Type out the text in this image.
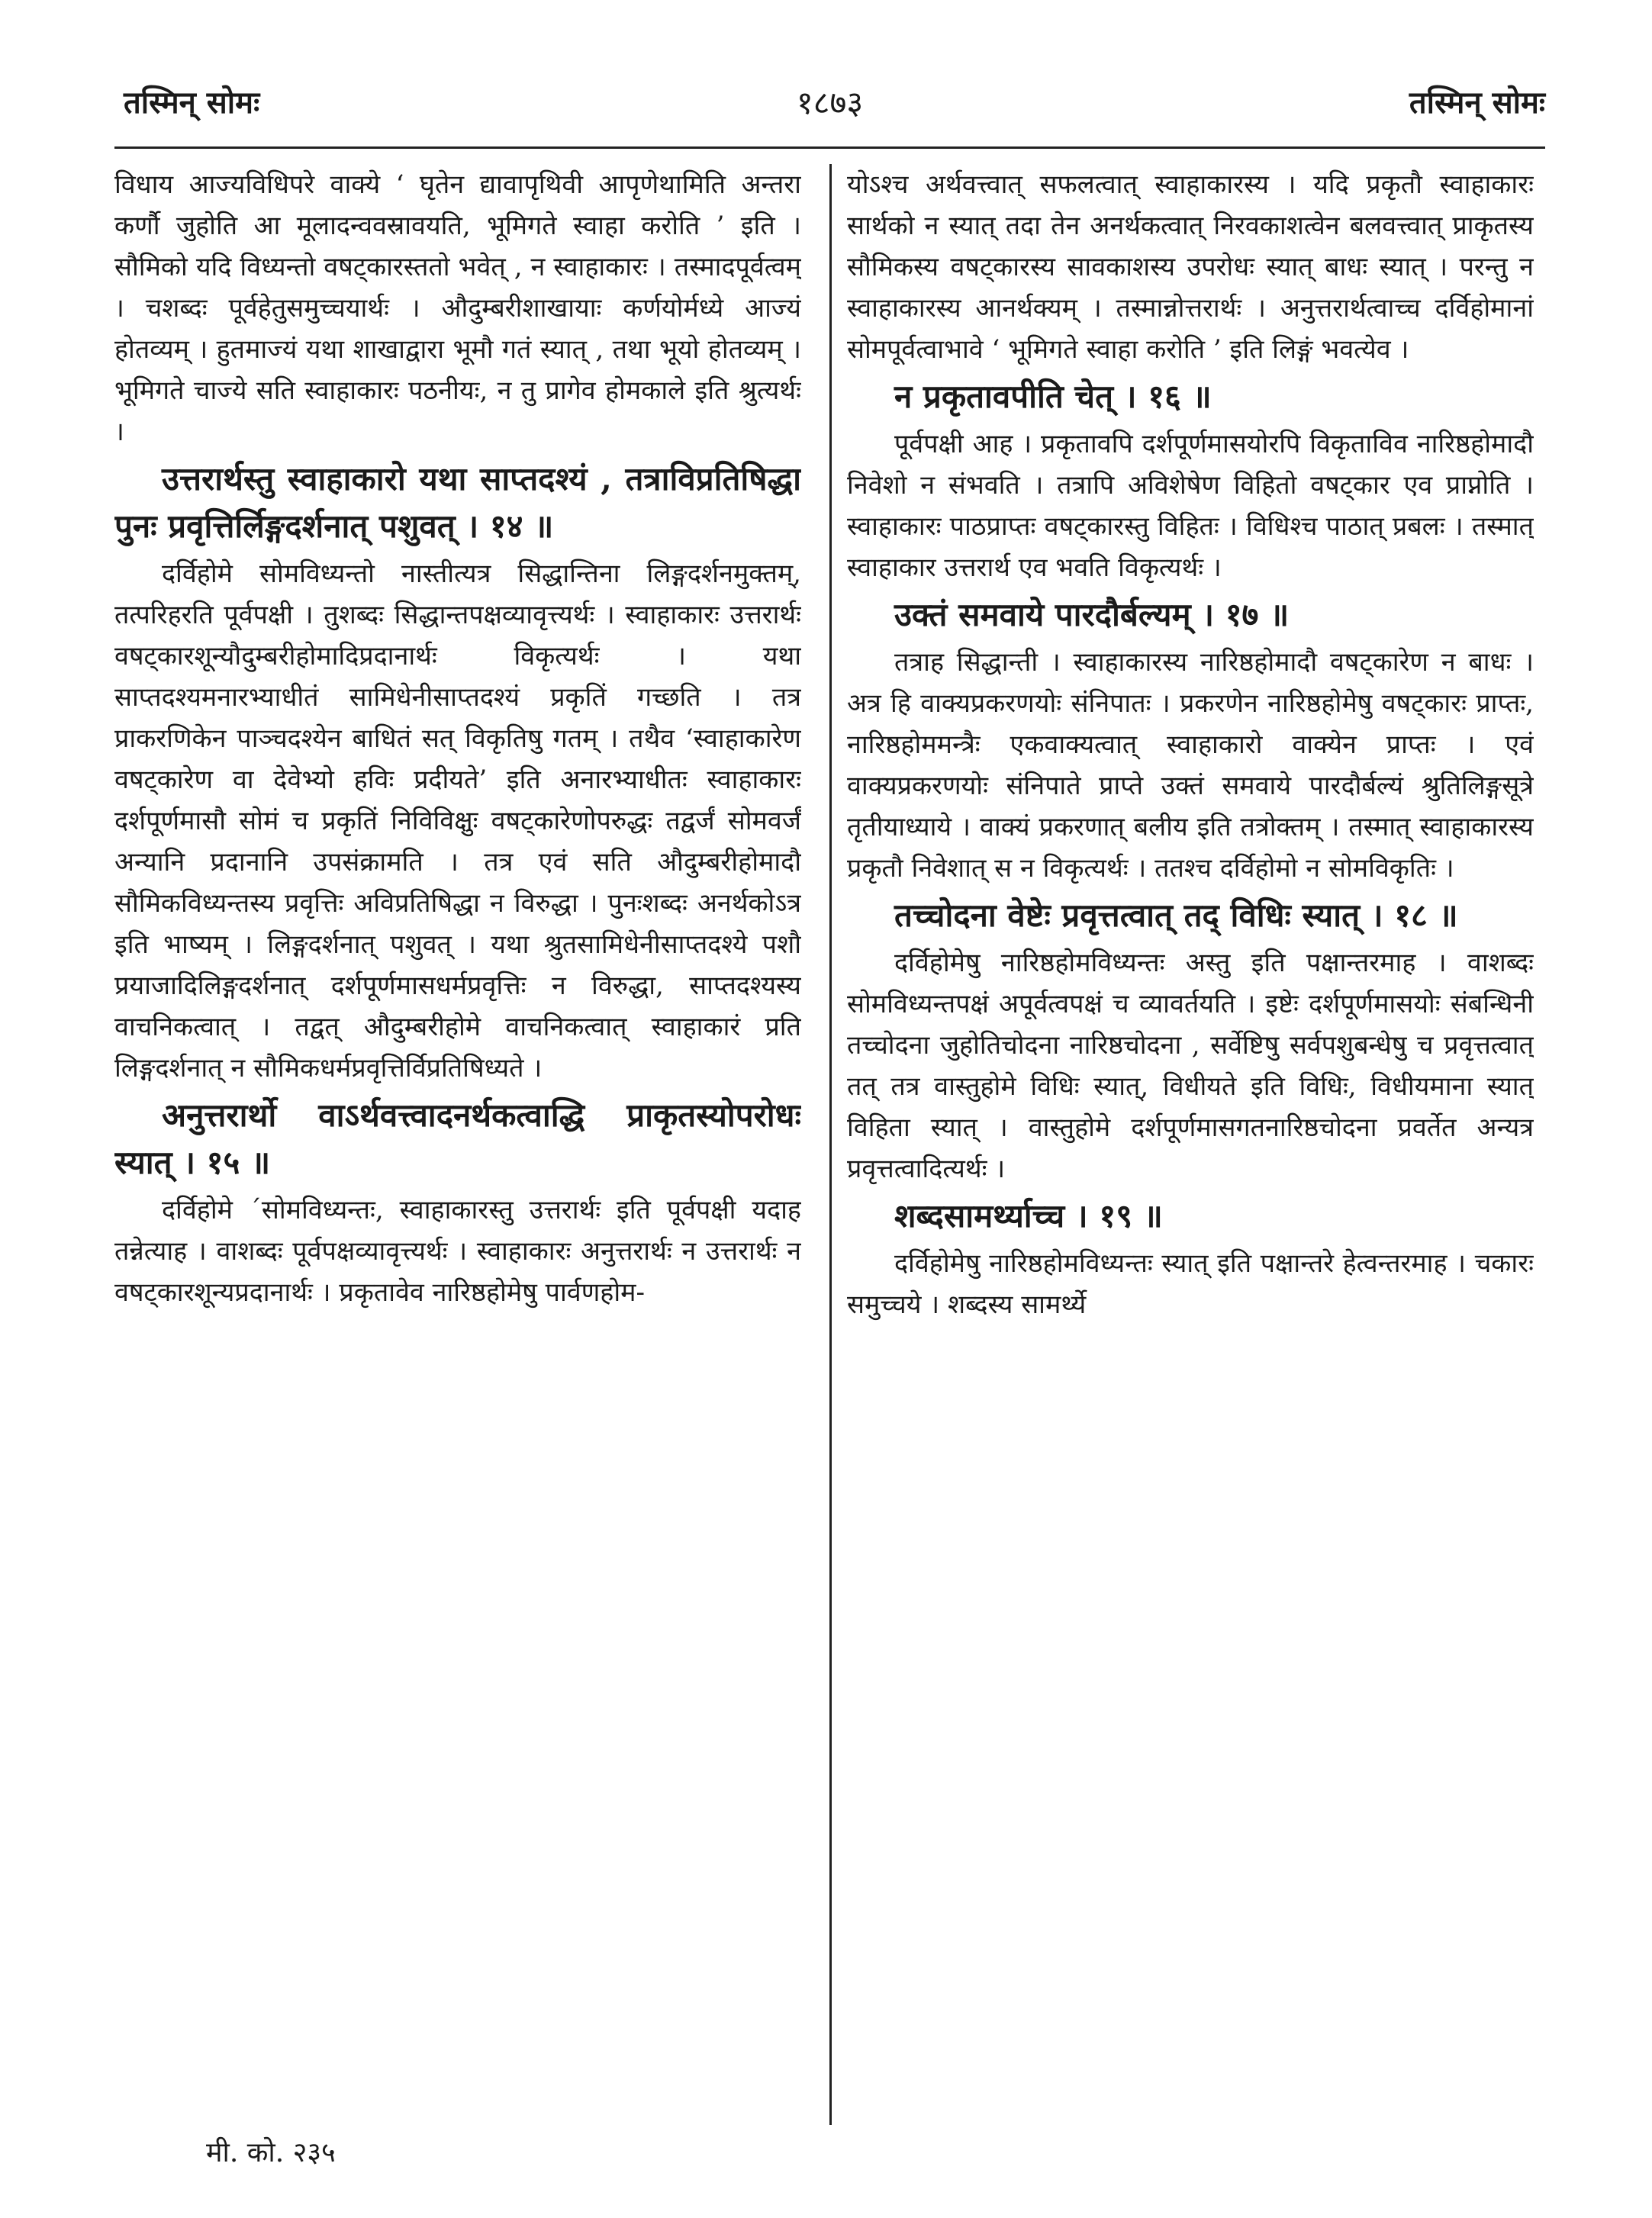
तस्मिन् सोमः	१८७३	तस्मिन् सोमः

विधाय आज्यविधिपरे वाक्ये ‘ घृतेन द्यावापृथिवी आपृणेथामिति अन्तरा कर्णौ जुहोति आ मूलादन्ववस्रावयति, भूमिगते स्वाहा करोति ’ इति । सौमिको यदि विध्यन्तो वषट्कारस्ततो भवेत् , न स्वाहाकारः । तस्मादपूर्वत्वम् । चशब्दः पूर्वहेतुसमुच्चयार्थः । औदुम्बरीशाखायाः कर्णयोर्मध्ये आज्यं होतव्यम् । हुतमाज्यं यथा शाखाद्वारा भूमौ गतं स्यात् , तथा भूयो होतव्यम् । भूमिगते चाज्ये सति स्वाहाकारः पठनीयः, न तु प्रागेव होमकाले इति श्रुत्यर्थः ।

उत्तरार्थस्तु स्वाहाकारो यथा साप्तदश्यं , तत्राविप्रतिषिद्धा पुनः प्रवृत्तिर्लिङ्गदर्शनात् पशुवत् । १४ ॥

दर्विहोमे सोमविध्यन्तो नास्तीत्यत्र सिद्धान्तिना लिङ्गदर्शनमुक्तम्, तत्परिहरति पूर्वपक्षी । तुशब्दः सिद्धान्तपक्षव्यावृत्त्यर्थः । स्वाहाकारः उत्तरार्थः वषट्कारशून्यौदुम्बरीहोमादिप्रदानार्थः विकृत्यर्थः । यथा साप्तदश्यमनारभ्याधीतं सामिधेनीसाप्तदश्यं प्रकृतिं गच्छति । तत्र प्राकरणिकेन पाञ्चदश्येन बाधितं सत् विकृतिषु गतम् । तथैव ‘स्वाहाकारेण वषट्कारेण वा देवेभ्यो हविः प्रदीयते’ इति अनारभ्याधीतः स्वाहाकारः दर्शपूर्णमासौ सोमं च प्रकृतिं निविविक्षुः वषट्कारेणोपरुद्धः तद्वर्जं सोमवर्जं अन्यानि प्रदानानि उपसंक्रामति । तत्र एवं सति औदुम्बरीहोमादौ सौमिकविध्यन्तस्य प्रवृत्तिः अविप्रतिषिद्धा न विरुद्धा । पुनःशब्दः अनर्थकोऽत्र इति भाष्यम् । लिङ्गदर्शनात् पशुवत् । यथा श्रुतसामिधेनीसाप्तदश्ये पशौ प्रयाजादिलिङ्गदर्शनात् दर्शपूर्णमासधर्मप्रवृत्तिः न विरुद्धा, साप्तदश्यस्य वाचनिकत्वात् । तद्वत् औदुम्बरीहोमे वाचनिकत्वात् स्वाहाकारं प्रति लिङ्गदर्शनात् न सौमिकधर्मप्रवृत्तिर्विप्रतिषिध्यते ।

अनुत्तरार्थो वाऽर्थवत्त्वादनर्थकत्वाद्धि प्राकृतस्योपरोधः स्यात् । १५ ॥

दर्विहोमे ´सोमविध्यन्तः, स्वाहाकारस्तु उत्तरार्थः इति पूर्वपक्षी यदाह तन्नेत्याह । वाशब्दः पूर्वपक्षव्यावृत्त्यर्थः । स्वाहाकारः अनुत्तरार्थः न उत्तरार्थः न वषट्कारशून्यप्रदानार्थः । प्रकृतावेव नारिष्ठहोमेषु पार्वणहोम-

योऽश्च अर्थवत्त्वात् सफलत्वात् स्वाहाकारस्य । यदि प्रकृतौ स्वाहाकारः सार्थको न स्यात् तदा तेन अनर्थकत्वात् निरवकाशत्वेन बलवत्त्वात् प्राकृतस्य सौमिकस्य वषट्कारस्य सावकाशस्य उपरोधः स्यात् बाधः स्यात् । परन्तु न स्वाहाकारस्य आनर्थक्यम् । तस्मान्नोत्तरार्थः । अनुत्तरार्थत्वाच्च दर्विहोमानां सोमपूर्वत्वाभावे ‘ भूमिगते स्वाहा करोति ’ इति लिङ्गं भवत्येव ।

न प्रकृतावपीति चेत् । १६ ॥

पूर्वपक्षी आह । प्रकृतावपि दर्शपूर्णमासयोरपि विकृताविव नारिष्ठहोमादौ निवेशो न संभवति । तत्रापि अविशेषेण विहितो वषट्कार एव प्राप्नोति । स्वाहाकारः पाठप्राप्तः वषट्कारस्तु विहितः । विधिश्च पाठात् प्रबलः । तस्मात् स्वाहाकार उत्तरार्थ एव भवति विकृत्यर्थः ।

उक्तं समवाये पारदौर्बल्यम् । १७ ॥

तत्राह सिद्धान्ती । स्वाहाकारस्य नारिष्ठहोमादौ वषट्कारेण न बाधः । अत्र हि वाक्यप्रकरणयोः संनिपातः । प्रकरणेन नारिष्ठहोमेषु वषट्कारः प्राप्तः, नारिष्ठहोममन्त्रैः एकवाक्यत्वात् स्वाहाकारो वाक्येन प्राप्तः । एवं वाक्यप्रकरणयोः संनिपाते प्राप्ते उक्तं समवाये पारदौर्बल्यं श्रुतिलिङ्गसूत्रे तृतीयाध्याये । वाक्यं प्रकरणात् बलीय इति तत्रोक्तम् । तस्मात् स्वाहाकारस्य प्रकृतौ निवेशात् स न विकृत्यर्थः । ततश्च दर्विहोमो न सोमविकृतिः ।

तच्चोदना वेष्टेः प्रवृत्तत्वात् तद् विधिः स्यात् । १८ ॥

दर्विहोमेषु नारिष्ठहोमविध्यन्तः अस्तु इति पक्षान्तरमाह । वाशब्दः सोमविध्यन्तपक्षं अपूर्वत्वपक्षं च व्यावर्तयति । इष्टेः दर्शपूर्णमासयोः संबन्धिनी तच्चोदना जुहोतिचोदना नारिष्ठचोदना , सर्वेष्टिषु सर्वपशुबन्धेषु च प्रवृत्तत्वात् तत् तत्र वास्तुहोमे विधिः स्यात्, विधीयते इति विधिः, विधीयमाना स्यात् विहिता स्यात् । वास्तुहोमे दर्शपूर्णमासगतनारिष्ठचोदना प्रवर्तेत अन्यत्र प्रवृत्तत्वादित्यर्थः ।

शब्दसामर्थ्याच्च । १९ ॥

दर्विहोमेषु नारिष्ठहोमविध्यन्तः स्यात् इति पक्षान्तरे हेत्वन्तरमाह । चकारः समुच्चये । शब्दस्य सामर्थ्ये

मी. को. २३५
